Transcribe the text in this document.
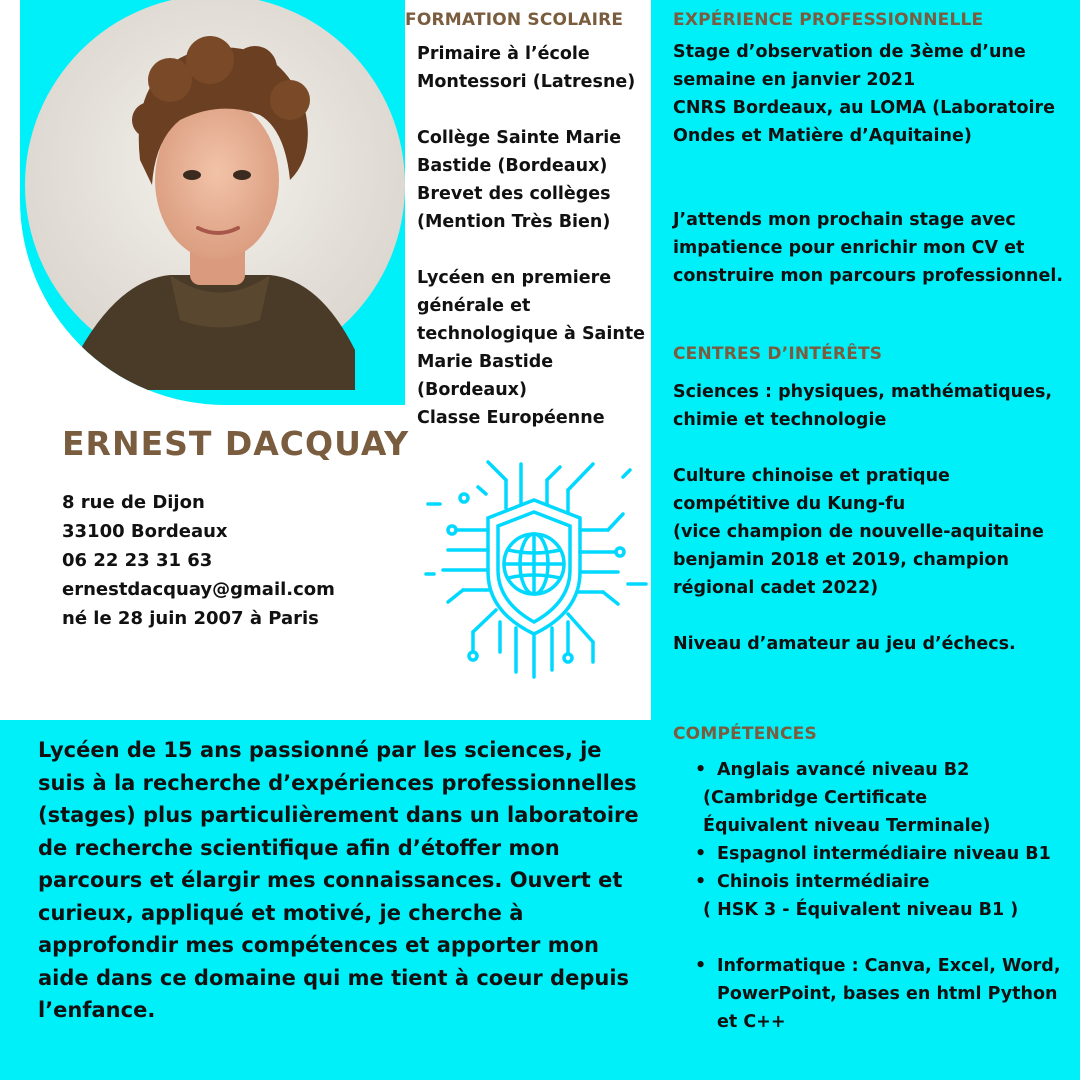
FORMATION SCOLAIRE
Primaire à l’école
Montessori (Latresne)

Collège Sainte Marie
Bastide (Bordeaux)
Brevet des collèges
(Mention Très Bien)

Lycéen en premiere
générale et
technologique à Sainte
Marie Bastide
(Bordeaux)
Classe Européenne
EXPÉRIENCE PROFESSIONNELLE
Stage d’observation de 3ème d’une
semaine en janvier 2021
CNRS Bordeaux, au LOMA (Laboratoire
Ondes et Matière d’Aquitaine)
J’attends mon prochain stage avec
impatience pour enrichir mon CV et
construire mon parcours professionnel.
CENTRES D’INTÉRÊTS
Sciences : physiques, mathématiques,
chimie et technologie

Culture chinoise et pratique
compétitive du Kung-fu
(vice champion de nouvelle-aquitaine
benjamin 2018 et 2019, champion
régional cadet 2022)

Niveau d’amateur au jeu d’échecs.
COMPÉTENCES
• Anglais avancé niveau B2
(Cambridge Certificate
Équivalent niveau Terminale)
• Espagnol intermédiaire niveau B1
• Chinois intermédiaire
( HSK 3 - Équivalent niveau B1 )
• Informatique : Canva, Excel, Word,
PowerPoint, bases en html Python
et C++
ERNEST DACQUAY
8 rue de Dijon
33100 Bordeaux
06 22 23 31 63
ernestdacquay@gmail.com
né le 28 juin 2007 à Paris
Lycéen de 15 ans passionné par les sciences, je suis à la recherche d’expériences professionnelles (stages) plus particulièrement dans un laboratoire de recherche scientifique afin d’étoffer mon parcours et élargir mes connaissances. Ouvert et curieux, appliqué et motivé, je cherche à approfondir mes compétences et apporter mon aide dans ce domaine qui me tient à coeur depuis l’enfance.
